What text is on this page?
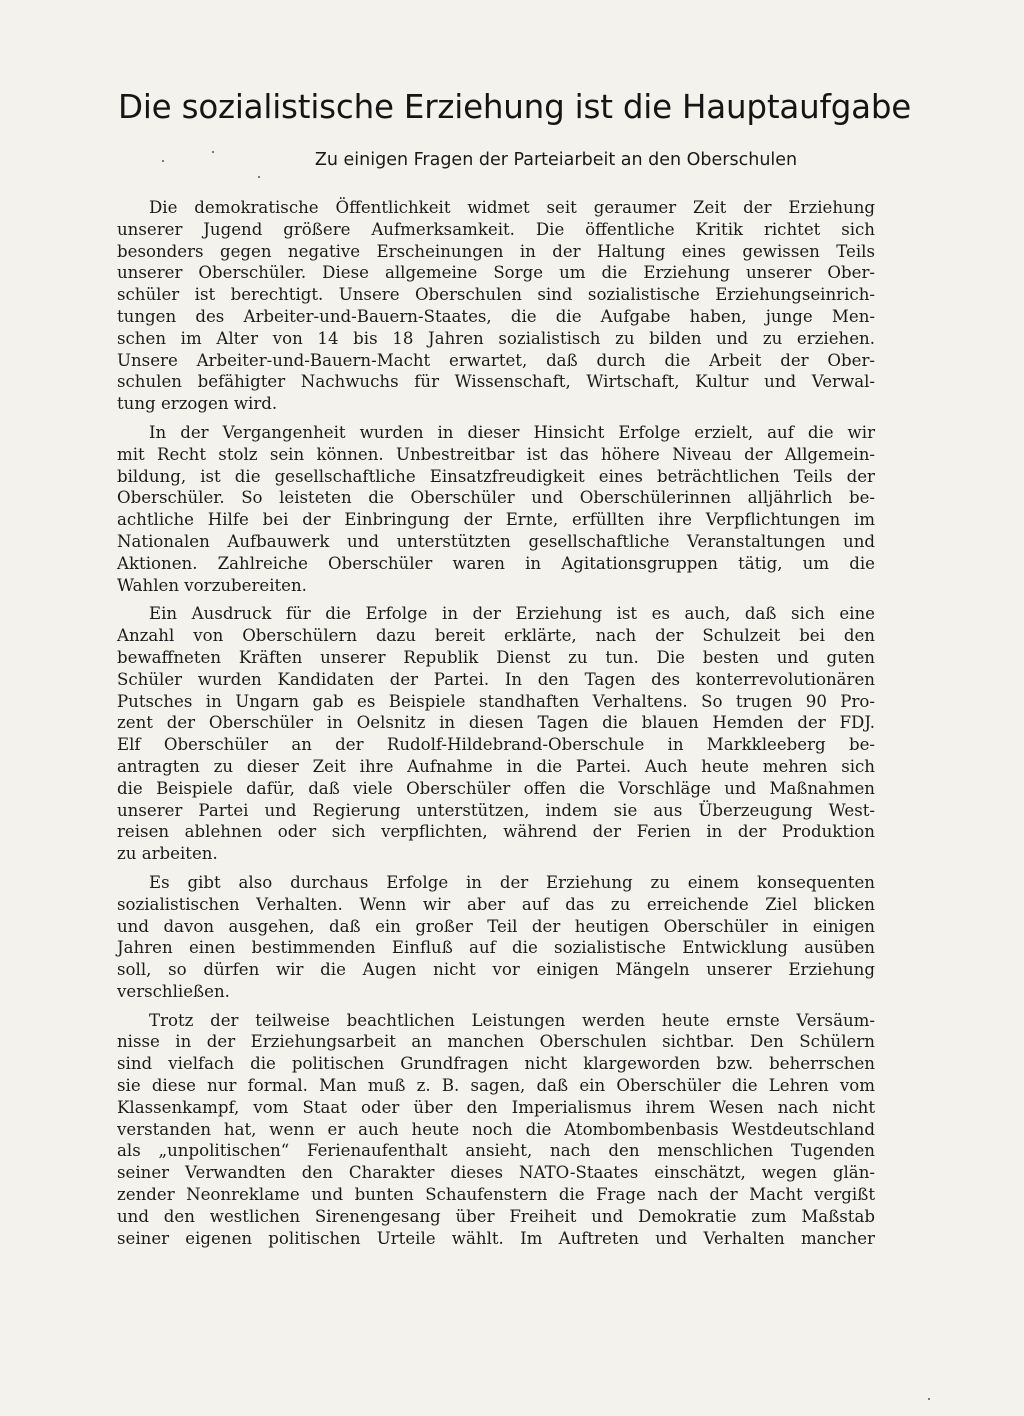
Die sozialistische Erziehung ist die Hauptaufgabe
Zu einigen Fragen der Parteiarbeit an den Oberschulen
Die demokratische Öffentlichkeit widmet seit geraumer Zeit der Erziehung
unserer Jugend größere Aufmerksamkeit. Die öffentliche Kritik richtet sich
besonders gegen negative Erscheinungen in der Haltung eines gewissen Teils
unserer Oberschüler. Diese allgemeine Sorge um die Erziehung unserer Ober-
schüler ist berechtigt. Unsere Oberschulen sind sozialistische Erziehungseinrich-
tungen des Arbeiter-und-Bauern-Staates, die die Aufgabe haben, junge Men-
schen im Alter von 14 bis 18 Jahren sozialistisch zu bilden und zu erziehen.
Unsere Arbeiter-und-Bauern-Macht erwartet, daß durch die Arbeit der Ober-
schulen befähigter Nachwuchs für Wissenschaft, Wirtschaft, Kultur und Verwal-
tung erzogen wird.
In der Vergangenheit wurden in dieser Hinsicht Erfolge erzielt, auf die wir
mit Recht stolz sein können. Unbestreitbar ist das höhere Niveau der Allgemein-
bildung, ist die gesellschaftliche Einsatzfreudigkeit eines beträchtlichen Teils der
Oberschüler. So leisteten die Oberschüler und Oberschülerinnen alljährlich be-
achtliche Hilfe bei der Einbringung der Ernte, erfüllten ihre Verpflichtungen im
Nationalen Aufbauwerk und unterstützten gesellschaftliche Veranstaltungen und
Aktionen. Zahlreiche Oberschüler waren in Agitationsgruppen tätig, um die
Wahlen vorzubereiten.
Ein Ausdruck für die Erfolge in der Erziehung ist es auch, daß sich eine
Anzahl von Oberschülern dazu bereit erklärte, nach der Schulzeit bei den
bewaffneten Kräften unserer Republik Dienst zu tun. Die besten und guten
Schüler wurden Kandidaten der Partei. In den Tagen des konterrevolutionären
Putsches in Ungarn gab es Beispiele standhaften Verhaltens. So trugen 90 Pro-
zent der Oberschüler in Oelsnitz in diesen Tagen die blauen Hemden der FDJ.
Elf Oberschüler an der Rudolf-Hildebrand-Oberschule in Markkleeberg be-
antragten zu dieser Zeit ihre Aufnahme in die Partei. Auch heute mehren sich
die Beispiele dafür, daß viele Oberschüler offen die Vorschläge und Maßnahmen
unserer Partei und Regierung unterstützen, indem sie aus Überzeugung West-
reisen ablehnen oder sich verpflichten, während der Ferien in der Produktion
zu arbeiten.
Es gibt also durchaus Erfolge in der Erziehung zu einem konsequenten
sozialistischen Verhalten. Wenn wir aber auf das zu erreichende Ziel blicken
und davon ausgehen, daß ein großer Teil der heutigen Oberschüler in einigen
Jahren einen bestimmenden Einfluß auf die sozialistische Entwicklung ausüben
soll, so dürfen wir die Augen nicht vor einigen Mängeln unserer Erziehung
verschließen.
Trotz der teilweise beachtlichen Leistungen werden heute ernste Versäum-
nisse in der Erziehungsarbeit an manchen Oberschulen sichtbar. Den Schülern
sind vielfach die politischen Grundfragen nicht klargeworden bzw. beherrschen
sie diese nur formal. Man muß z. B. sagen, daß ein Oberschüler die Lehren vom
Klassenkampf, vom Staat oder über den Imperialismus ihrem Wesen nach nicht
verstanden hat, wenn er auch heute noch die Atombombenbasis Westdeutschland
als „unpolitischen“ Ferienaufenthalt ansieht, nach den menschlichen Tugenden
seiner Verwandten den Charakter dieses NATO-Staates einschätzt, wegen glän-
zender Neonreklame und bunten Schaufenstern die Frage nach der Macht vergißt
und den westlichen Sirenengesang über Freiheit und Demokratie zum Maßstab
seiner eigenen politischen Urteile wählt. Im Auftreten und Verhalten mancher
